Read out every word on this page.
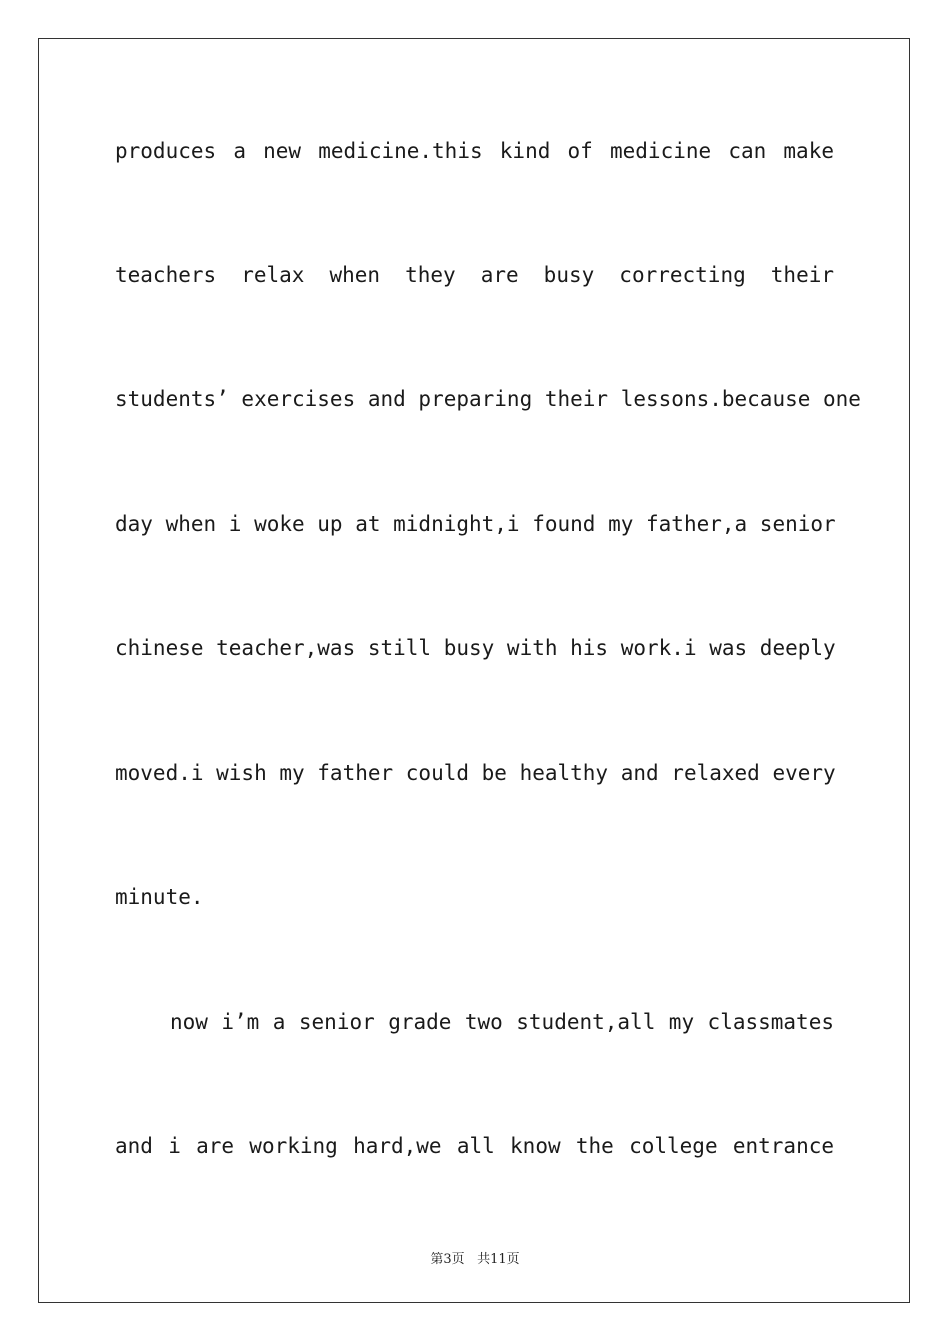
produces a new medicine.this kind of medicine can make
teachers relax when they are busy correcting their
students’ exercises and preparing their lessons.because one
day when i woke up at midnight,i found my father,a senior
chinese teacher,was still busy with his work.i was deeply
moved.i wish my father could be healthy and relaxed every
minute.
now i’m a senior grade two student,all my classmates
and i are working hard,we all know the college entrance
第3页 共11页
